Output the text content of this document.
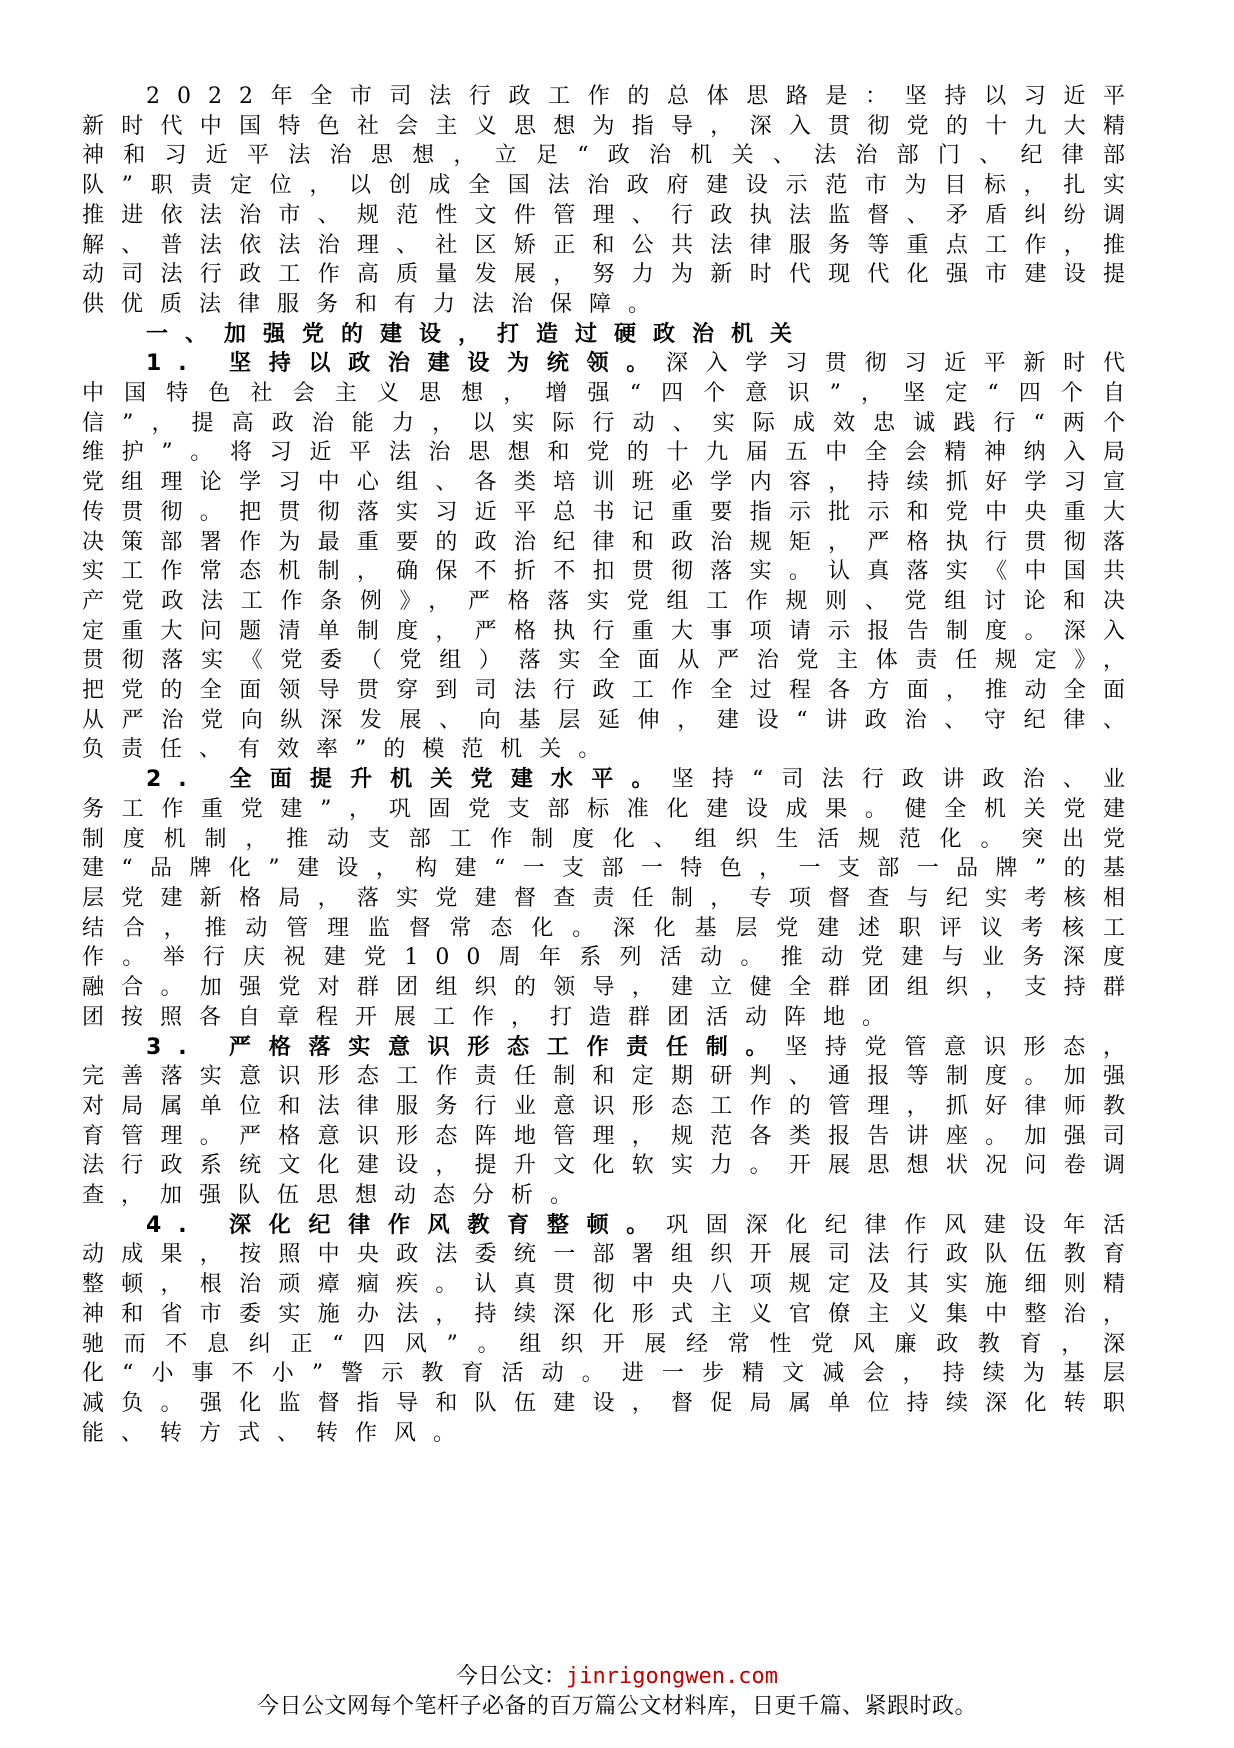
2022年全市司法行政工作的总体思路是：坚持以习近平新时代中国特色社会主义思想为指导，深入贯彻党的十九大精神和习近平法治思想，立足“政治机关、法治部门、纪律部队”职责定位，以创成全国法治政府建设示范市为目标，扎实推进依法治市、规范性文件管理、行政执法监督、矛盾纠纷调解、普法依法治理、社区矫正和公共法律服务等重点工作，推动司法行政工作高质量发展，努力为新时代现代化强市建设提供优质法律服务和有力法治保障。

一、加强党的建设，打造过硬政治机关

1. 坚持以政治建设为统领。深入学习贯彻习近平新时代中国特色社会主义思想，增强“四个意识”，坚定“四个自信”，提高政治能力，以实际行动、实际成效忠诚践行“两个维护”。将习近平法治思想和党的十九届五中全会精神纳入局党组理论学习中心组、各类培训班必学内容，持续抓好学习宣传贯彻。把贯彻落实习近平总书记重要指示批示和党中央重大决策部署作为最重要的政治纪律和政治规矩，严格执行贯彻落实工作常态机制，确保不折不扣贯彻落实。认真落实《中国共产党政法工作条例》，严格落实党组工作规则、党组讨论和决定重大问题清单制度，严格执行重大事项请示报告制度。深入贯彻落实《党委（党组）落实全面从严治党主体责任规定》，把党的全面领导贯穿到司法行政工作全过程各方面，推动全面从严治党向纵深发展、向基层延伸，建设“讲政治、守纪律、负责任、有效率”的模范机关。

2. 全面提升机关党建水平。坚持“司法行政讲政治、业务工作重党建”，巩固党支部标准化建设成果。健全机关党建制度机制，推动支部工作制度化、组织生活规范化。突出党建“品牌化”建设，构建“一支部一特色，一支部一品牌”的基层党建新格局，落实党建督查责任制，专项督查与纪实考核相结合，推动管理监督常态化。深化基层党建述职评议考核工作。举行庆祝建党100周年系列活动。推动党建与业务深度融合。加强党对群团组织的领导，建立健全群团组织，支持群团按照各自章程开展工作，打造群团活动阵地。

3. 严格落实意识形态工作责任制。坚持党管意识形态，完善落实意识形态工作责任制和定期研判、通报等制度。加强对局属单位和法律服务行业意识形态工作的管理，抓好律师教育管理。严格意识形态阵地管理，规范各类报告讲座。加强司法行政系统文化建设，提升文化软实力。开展思想状况问卷调查，加强队伍思想动态分析。

4. 深化纪律作风教育整顿。巩固深化纪律作风建设年活动成果，按照中央政法委统一部署组织开展司法行政队伍教育整顿，根治顽瘴痼疾。认真贯彻中央八项规定及其实施细则精神和省市委实施办法，持续深化形式主义官僚主义集中整治，驰而不息纠正“四风”。组织开展经常性党风廉政教育，深化“小事不小”警示教育活动。进一步精文减会，持续为基层减负。强化监督指导和队伍建设，督促局属单位持续深化转职能、转方式、转作风。

今日公文：jinrigongwen.com
今日公文网每个笔杆子必备的百万篇公文材料库，日更千篇、紧跟时政。
